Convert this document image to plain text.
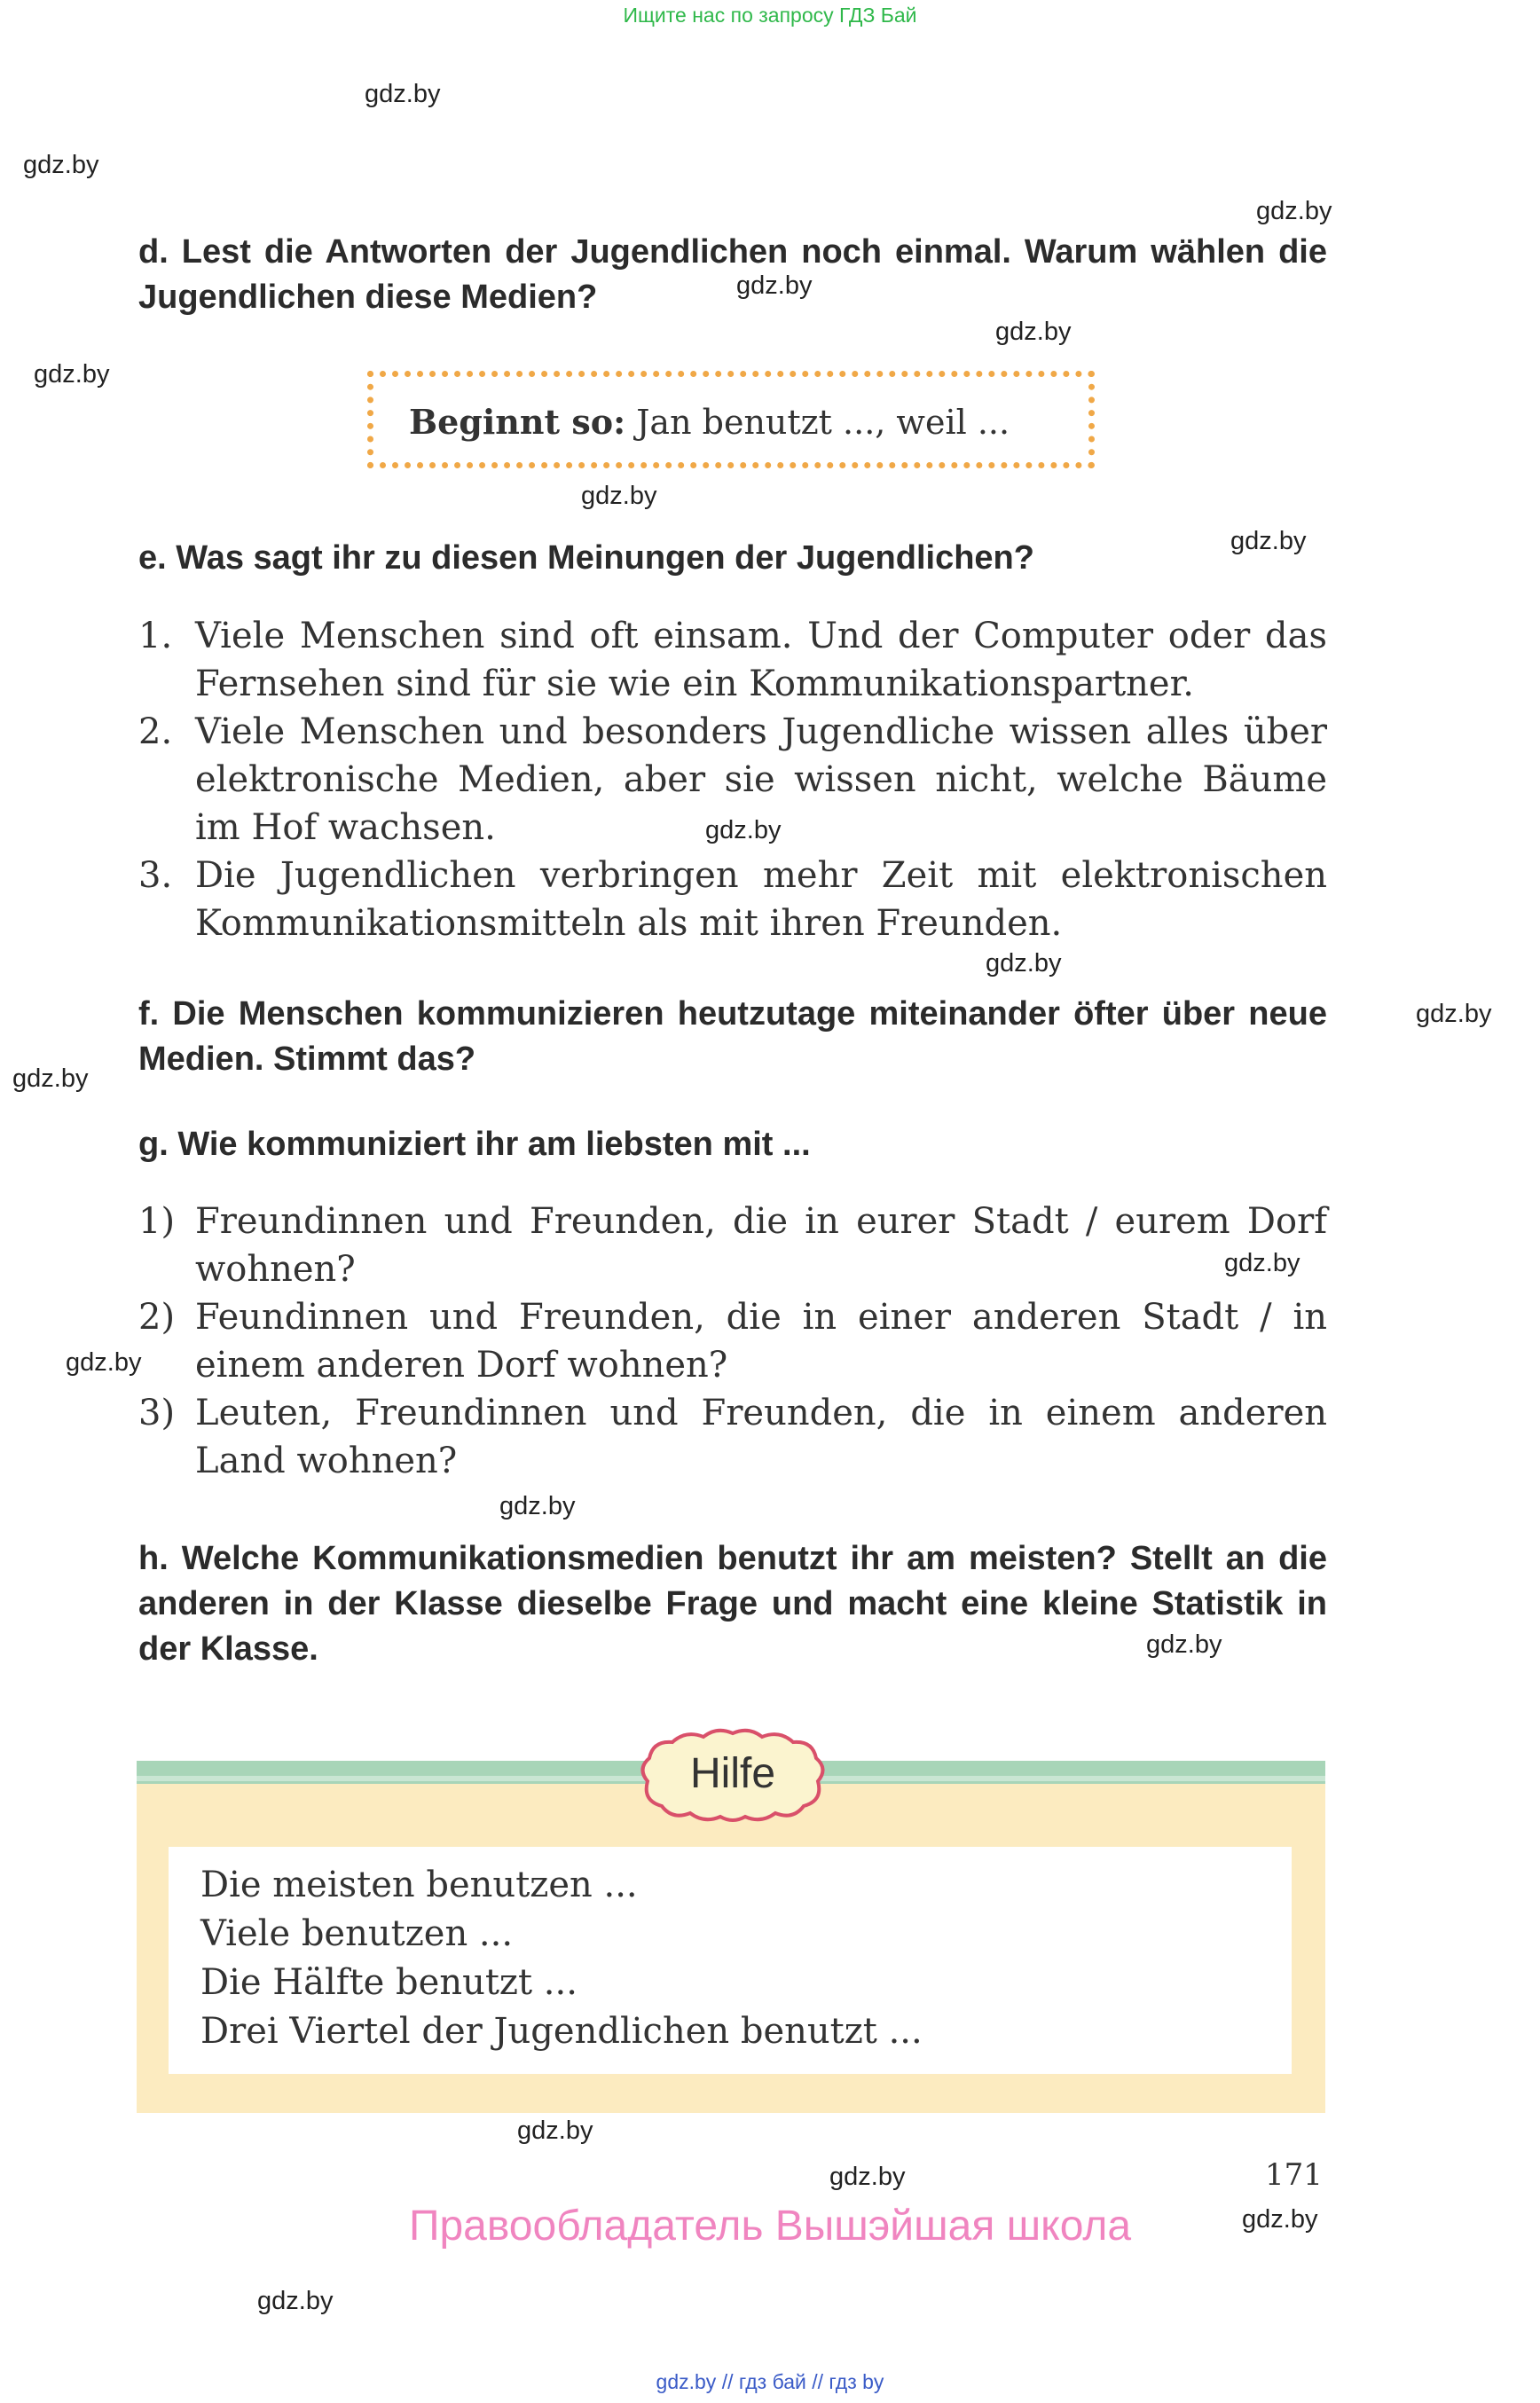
Ищите нас по запросу ГДЗ Бай
gdz.by
gdz.by
gdz.by
gdz.by
gdz.by
gdz.by
gdz.by
gdz.by
gdz.by
gdz.by
gdz.by
gdz.by
gdz.by
gdz.by
gdz.by
gdz.by
gdz.by
gdz.by
gdz.by
gdz.by
d. Lest die Antworten der Jugendlichen noch einmal. Warum wählen die Jugendlichen diese Medien?
Beginnt so: Jan benutzt ..., weil ...
e. Was sagt ihr zu diesen Meinungen der Jugendlichen?
1. Viele Menschen sind oft einsam. Und der Computer oder das Fernsehen sind für sie wie ein Kommunikationspartner.
2. Viele Menschen und besonders Jugendliche wissen alles über elektronische Medien, aber sie wissen nicht, welche Bäume im Hof wachsen.
3. Die Jugendlichen verbringen mehr Zeit mit elektronischen Kommunikationsmitteln als mit ihren Freunden.
f. Die Menschen kommunizieren heutzutage miteinander öfter über neue Medien. Stimmt das?
g. Wie kommuniziert ihr am liebsten mit ...
1) Freundinnen und Freunden, die in eurer Stadt / eurem Dorf wohnen?
2) Feundinnen und Freunden, die in einer anderen Stadt / in einem anderen Dorf wohnen?
3) Leuten, Freundinnen und Freunden, die in einem anderen Land wohnen?
h. Welche Kommunikationsmedien benutzt ihr am meisten? Stellt an die anderen in der Klasse dieselbe Frage und macht eine kleine Statistik in der Klasse.
Hilfe
Die meisten benutzen ...
Viele benutzen ...
Die Hälfte benutzt ...
Drei Viertel der Jugendlichen benutzt ...
171
Правообладатель Вышэйшая школа
gdz.by // гдз бай // гдз by
